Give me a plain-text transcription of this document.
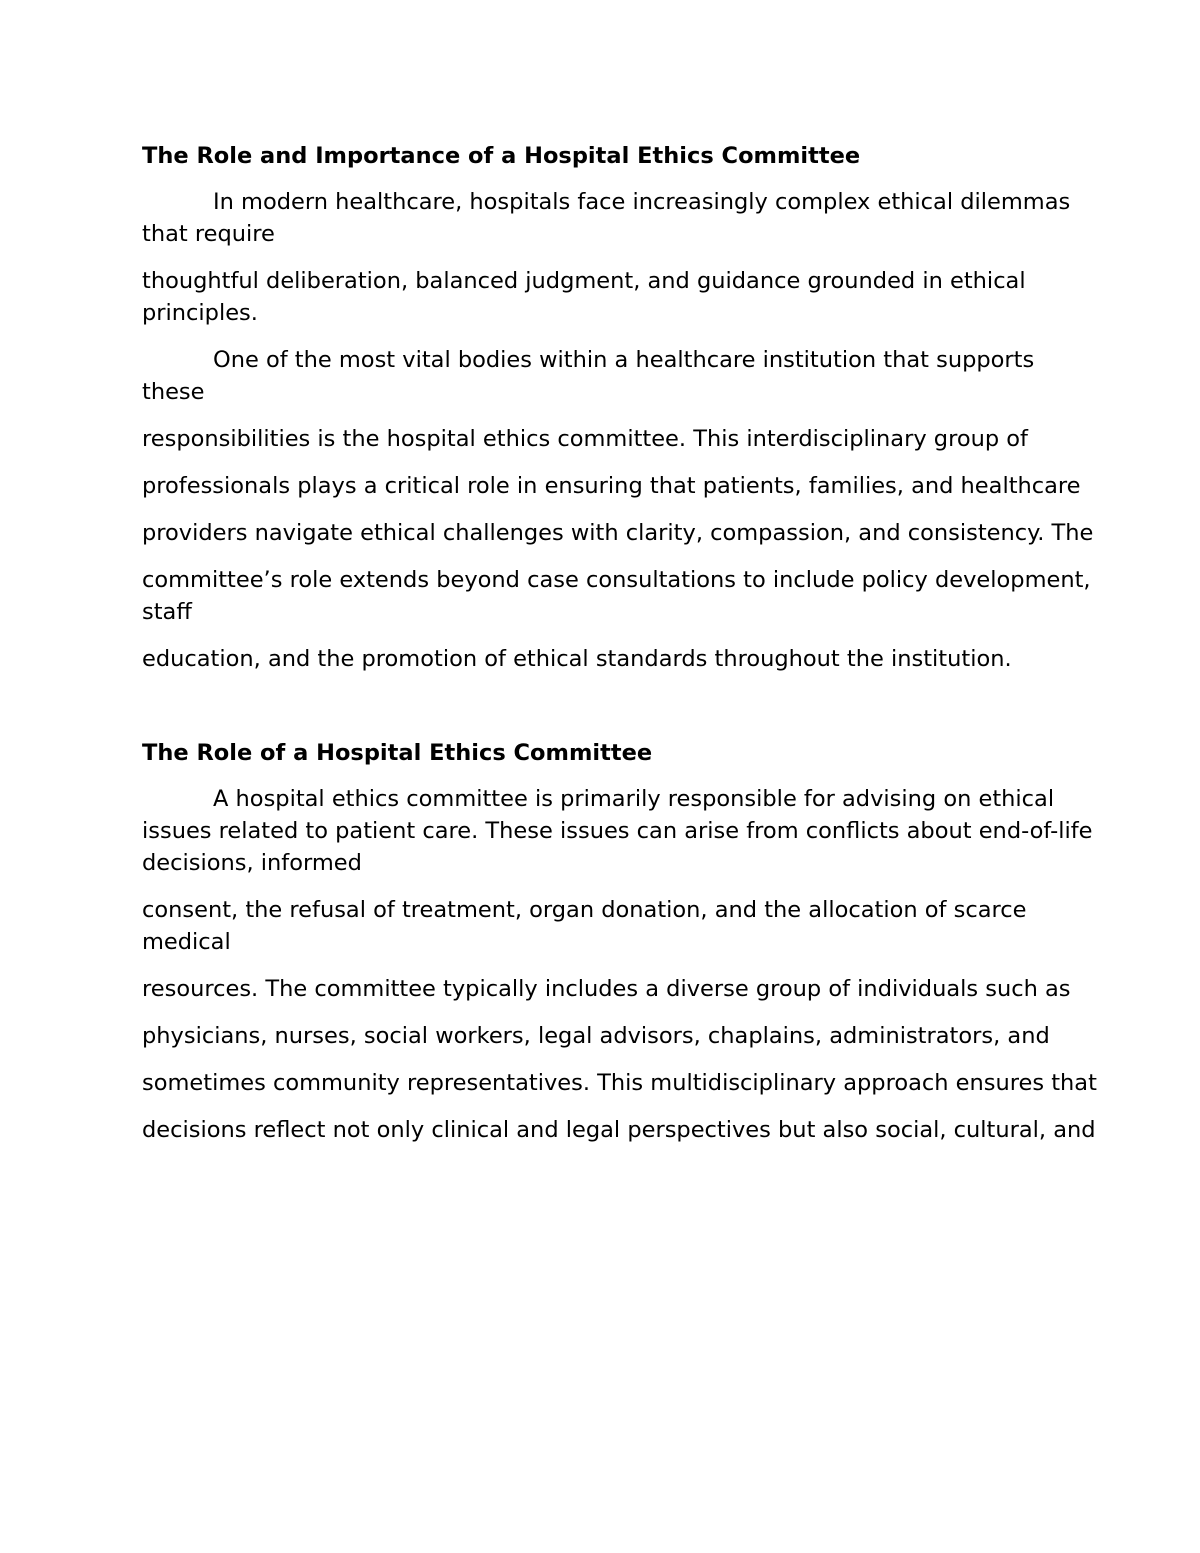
The Role and Importance of a Hospital Ethics Committee

In modern healthcare, hospitals face increasingly complex ethical dilemmas that require

thoughtful deliberation, balanced judgment, and guidance grounded in ethical principles.

One of the most vital bodies within a healthcare institution that supports these

responsibilities is the hospital ethics committee. This interdisciplinary group of

professionals plays a critical role in ensuring that patients, families, and healthcare

providers navigate ethical challenges with clarity, compassion, and consistency. The

committee’s role extends beyond case consultations to include policy development, staff

education, and the promotion of ethical standards throughout the institution.

The Role of a Hospital Ethics Committee

A hospital ethics committee is primarily responsible for advising on ethical issues related to patient care. These issues can arise from conflicts about end-of-life decisions, informed

consent, the refusal of treatment, organ donation, and the allocation of scarce medical

resources. The committee typically includes a diverse group of individuals such as

physicians, nurses, social workers, legal advisors, chaplains, administrators, and

sometimes community representatives. This multidisciplinary approach ensures that

decisions reflect not only clinical and legal perspectives but also social, cultural, and
